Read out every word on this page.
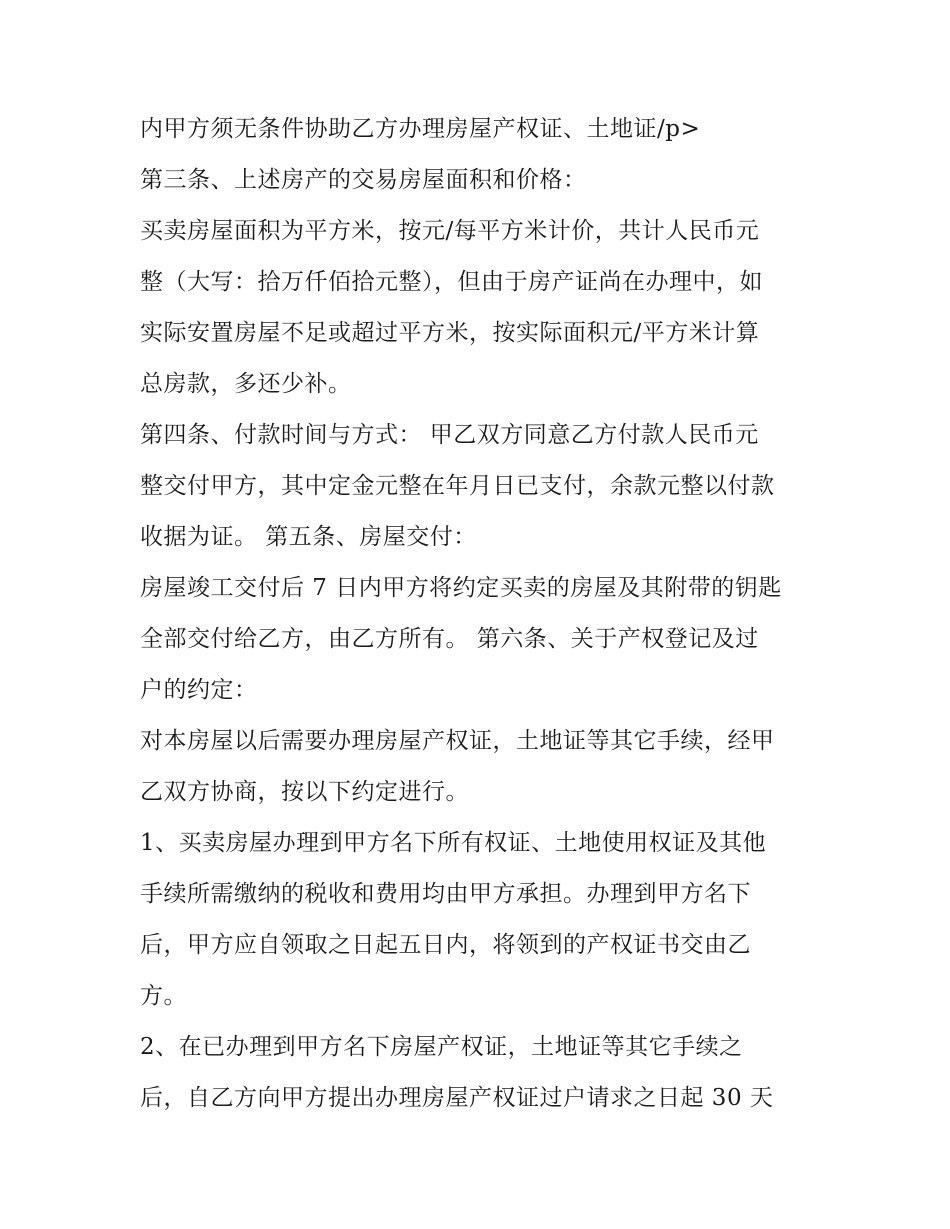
内甲方须无条件协助乙方办理房屋产权证、土地证/p>
第三条、上述房产的交易房屋面积和价格：
买卖房屋面积为平方米，按元/每平方米计价，共计人民币元
整（大写：拾万仟佰拾元整），但由于房产证尚在办理中，如
实际安置房屋不足或超过平方米，按实际面积元/平方米计算
总房款，多还少补。
第四条、付款时间与方式： 甲乙双方同意乙方付款人民币元
整交付甲方，其中定金元整在年月日已支付，余款元整以付款
收据为证。 第五条、房屋交付：
房屋竣工交付后 7 日内甲方将约定买卖的房屋及其附带的钥匙
全部交付给乙方，由乙方所有。 第六条、关于产权登记及过
户的约定：
对本房屋以后需要办理房屋产权证，土地证等其它手续，经甲
乙双方协商，按以下约定进行。
1、买卖房屋办理到甲方名下所有权证、土地使用权证及其他
手续所需缴纳的税收和费用均由甲方承担。办理到甲方名下
后，甲方应自领取之日起五日内，将领到的产权证书交由乙
方。
2、在已办理到甲方名下房屋产权证，土地证等其它手续之
后，自乙方向甲方提出办理房屋产权证过户请求之日起 30 天
